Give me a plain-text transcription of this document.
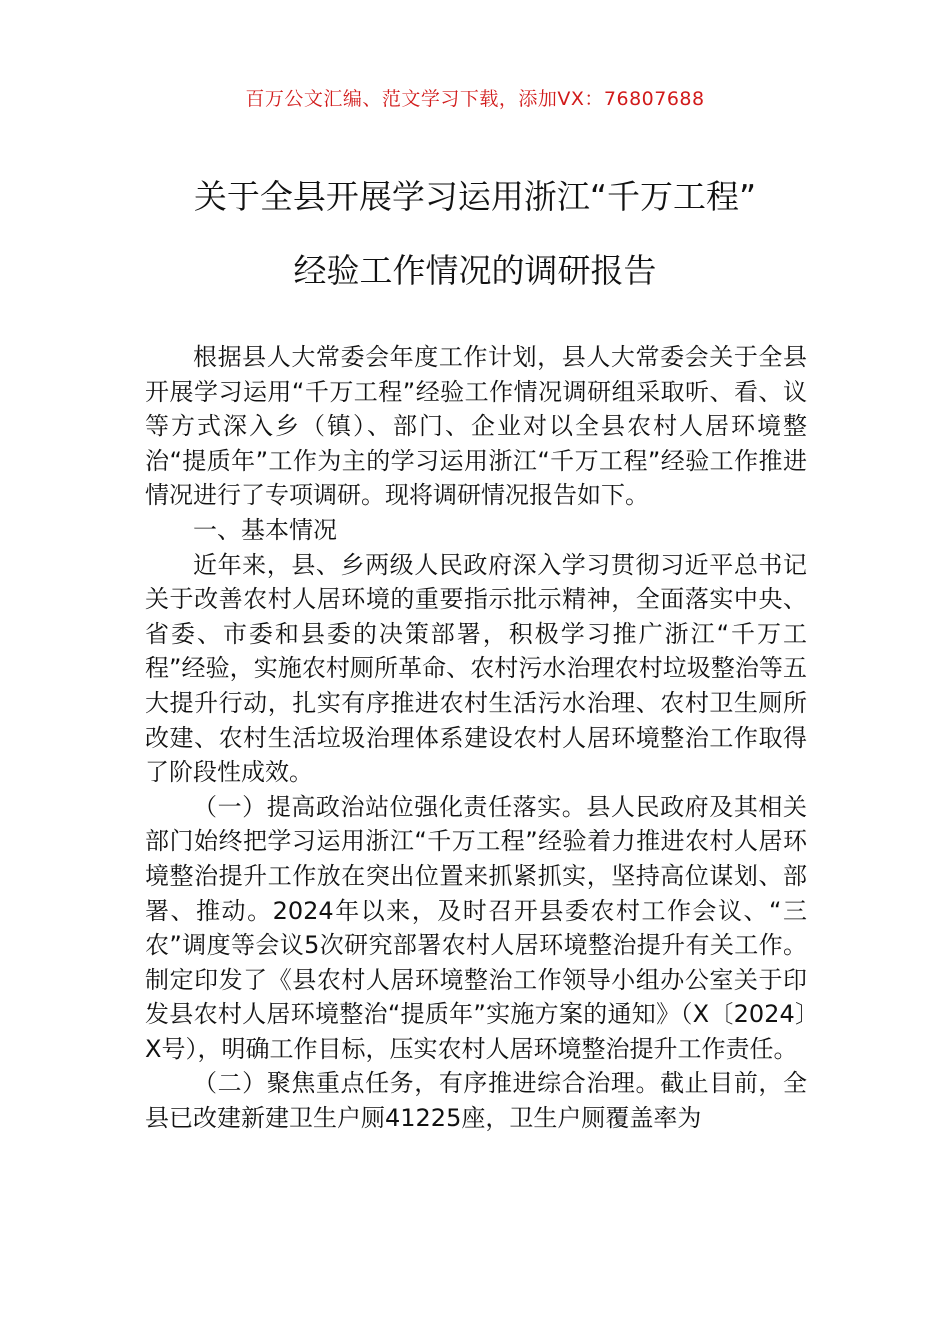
百万公文汇编、范文学习下载，添加VX：76807688
关于全县开展学习运用浙江“千万工程”
经验工作情况的调研报告

根据县人大常委会年度工作计划，县人大常委会关于全县开展学习运用“千万工程”经验工作情况调研组采取听、看、议等方式深入乡（镇）、部门、企业对以全县农村人居环境整治“提质年”工作为主的学习运用浙江“千万工程”经验工作推进情况进行了专项调研。现将调研情况报告如下。

一、基本情况

近年来，县、乡两级人民政府深入学习贯彻习近平总书记关于改善农村人居环境的重要指示批示精神，全面落实中央、省委、市委和县委的决策部署，积极学习推广浙江“千万工程”经验，实施农村厕所革命、农村污水治理农村垃圾整治等五大提升行动，扎实有序推进农村生活污水治理、农村卫生厕所改建、农村生活垃圾治理体系建设农村人居环境整治工作取得了阶段性成效。

（一）提高政治站位强化责任落实。县人民政府及其相关部门始终把学习运用浙江“千万工程”经验着力推进农村人居环境整治提升工作放在突出位置来抓紧抓实，坚持高位谋划、部署、推动。2024年以来，及时召开县委农村工作会议、“三农”调度等会议5次研究部署农村人居环境整治提升有关工作。制定印发了《县农村人居环境整治工作领导小组办公室关于印发县农村人居环境整治“提质年”实施方案的通知》（X〔2024〕X号），明确工作目标，压实农村人居环境整治提升工作责任。

（二）聚焦重点任务，有序推进综合治理。截止目前，全县已改建新建卫生户厕41225座，卫生户厕覆盖率为
